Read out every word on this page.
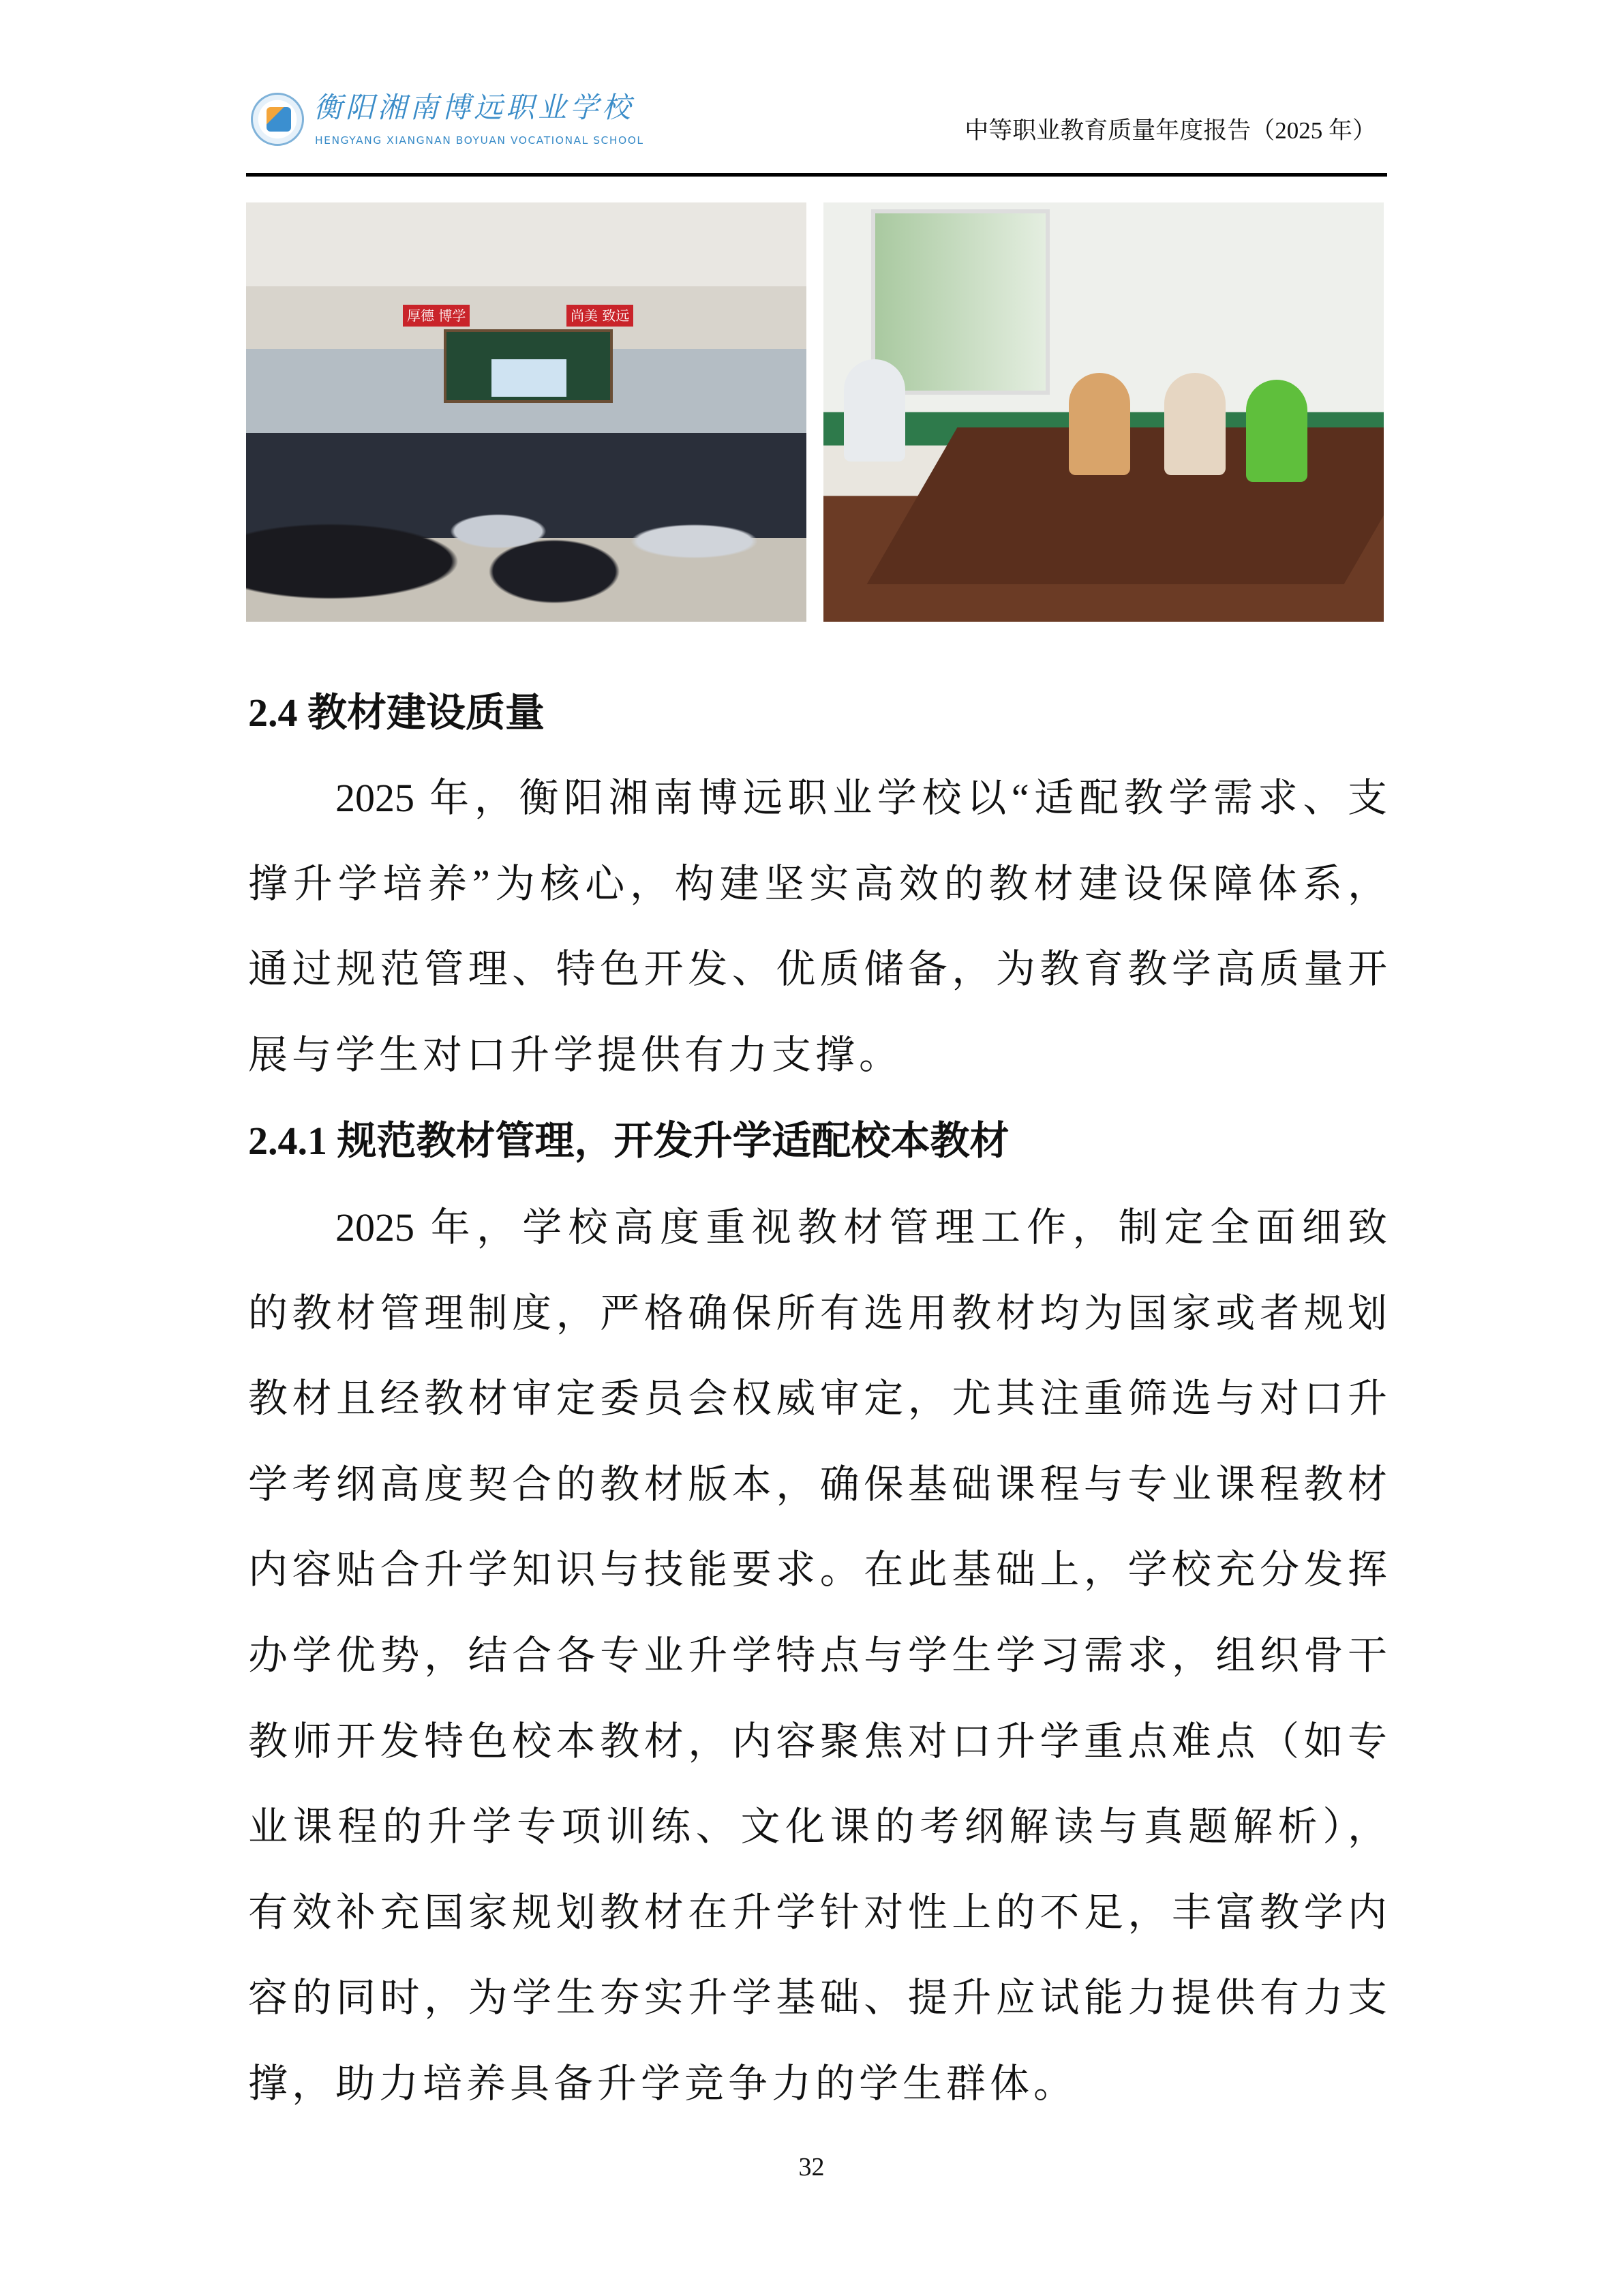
衡阳湘南博远职业学校
HENGYANG XIANGNAN BOYUAN VOCATIONAL SCHOOL	中等职业教育质量年度报告（2025 年）
厚德 博学	尚美 致远
2.4 教材建设质量
2025 年，衡阳湘南博远职业学校以“适配教学需求、支
撑升学培养”为核心，构建坚实高效的教材建设保障体系，
通过规范管理、特色开发、优质储备，为教育教学高质量开
展与学生对口升学提供有力支撑。
2.4.1 规范教材管理，开发升学适配校本教材
2025 年，学校高度重视教材管理工作，制定全面细致
的教材管理制度，严格确保所有选用教材均为国家或者规划
教材且经教材审定委员会权威审定，尤其注重筛选与对口升
学考纲高度契合的教材版本，确保基础课程与专业课程教材
内容贴合升学知识与技能要求。在此基础上，学校充分发挥
办学优势，结合各专业升学特点与学生学习需求，组织骨干
教师开发特色校本教材，内容聚焦对口升学重点难点（如专
业课程的升学专项训练、文化课的考纲解读与真题解析），
有效补充国家规划教材在升学针对性上的不足，丰富教学内
容的同时，为学生夯实升学基础、提升应试能力提供有力支
撑，助力培养具备升学竞争力的学生群体。
32
